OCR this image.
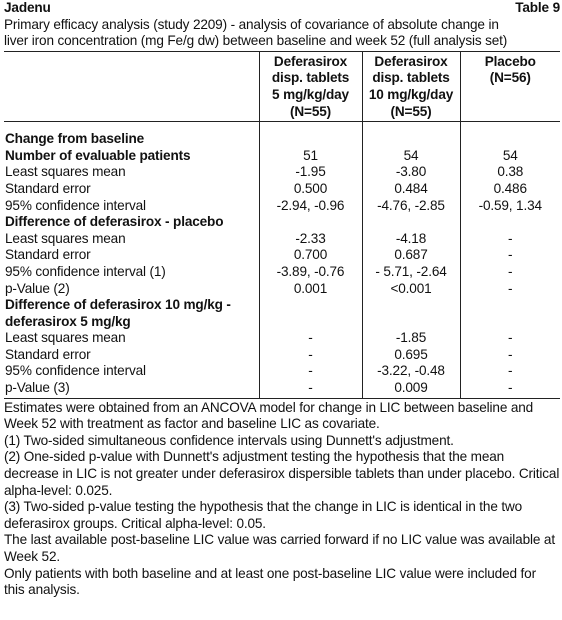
Jadenu	Table 9
Primary efficacy analysis (study 2209) - analysis of covariance of absolute change in
liver iron concentration (mg Fe/g dw) between baseline and week 52 (full analysis set)

	Deferasirox
disp. tablets
5 mg/kg/day
(N=55)	Deferasirox
disp. tablets
10 mg/kg/day
(N=55)	Placebo
(N=56)

Change from baseline			

Number of evaluable patients	51	54	54

Least squares mean	-1.95	-3.80	0.38

Standard error	0.500	0.484	0.486

95% confidence interval	-2.94, -0.96	-4.76, -2.85	-0.59, 1.34

Difference of deferasirox - placebo			

Least squares mean	-2.33	-4.18	-

Standard error	0.700	0.687	-

95% confidence interval (1)	-3.89, -0.76	- 5.71, -2.64	-

p-Value (2)	0.001	<0.001	-

Difference of deferasirox 10 mg/kg -
deferasirox 5 mg/kg			

Least squares mean	-	-1.85	-

Standard error	-	0.695	-

95% confidence interval	-	-3.22, -0.48	-

p-Value (3)	-	0.009	-
Estimates were obtained from an ANCOVA model for change in LIC between baseline and Week 52 with treatment as factor and baseline LIC as covariate.
(1) Two-sided simultaneous confidence intervals using Dunnett's adjustment.
(2) One-sided p-value with Dunnett's adjustment testing the hypothesis that the mean decrease in LIC is not greater under deferasirox dispersible tablets than under placebo. Critical alpha-level: 0.025.
(3) Two-sided p-value testing the hypothesis that the change in LIC is identical in the two deferasirox groups. Critical alpha-level: 0.05.
The last available post-baseline LIC value was carried forward if no LIC value was available at Week 52.
Only patients with both baseline and at least one post-baseline LIC value were included for this analysis.
